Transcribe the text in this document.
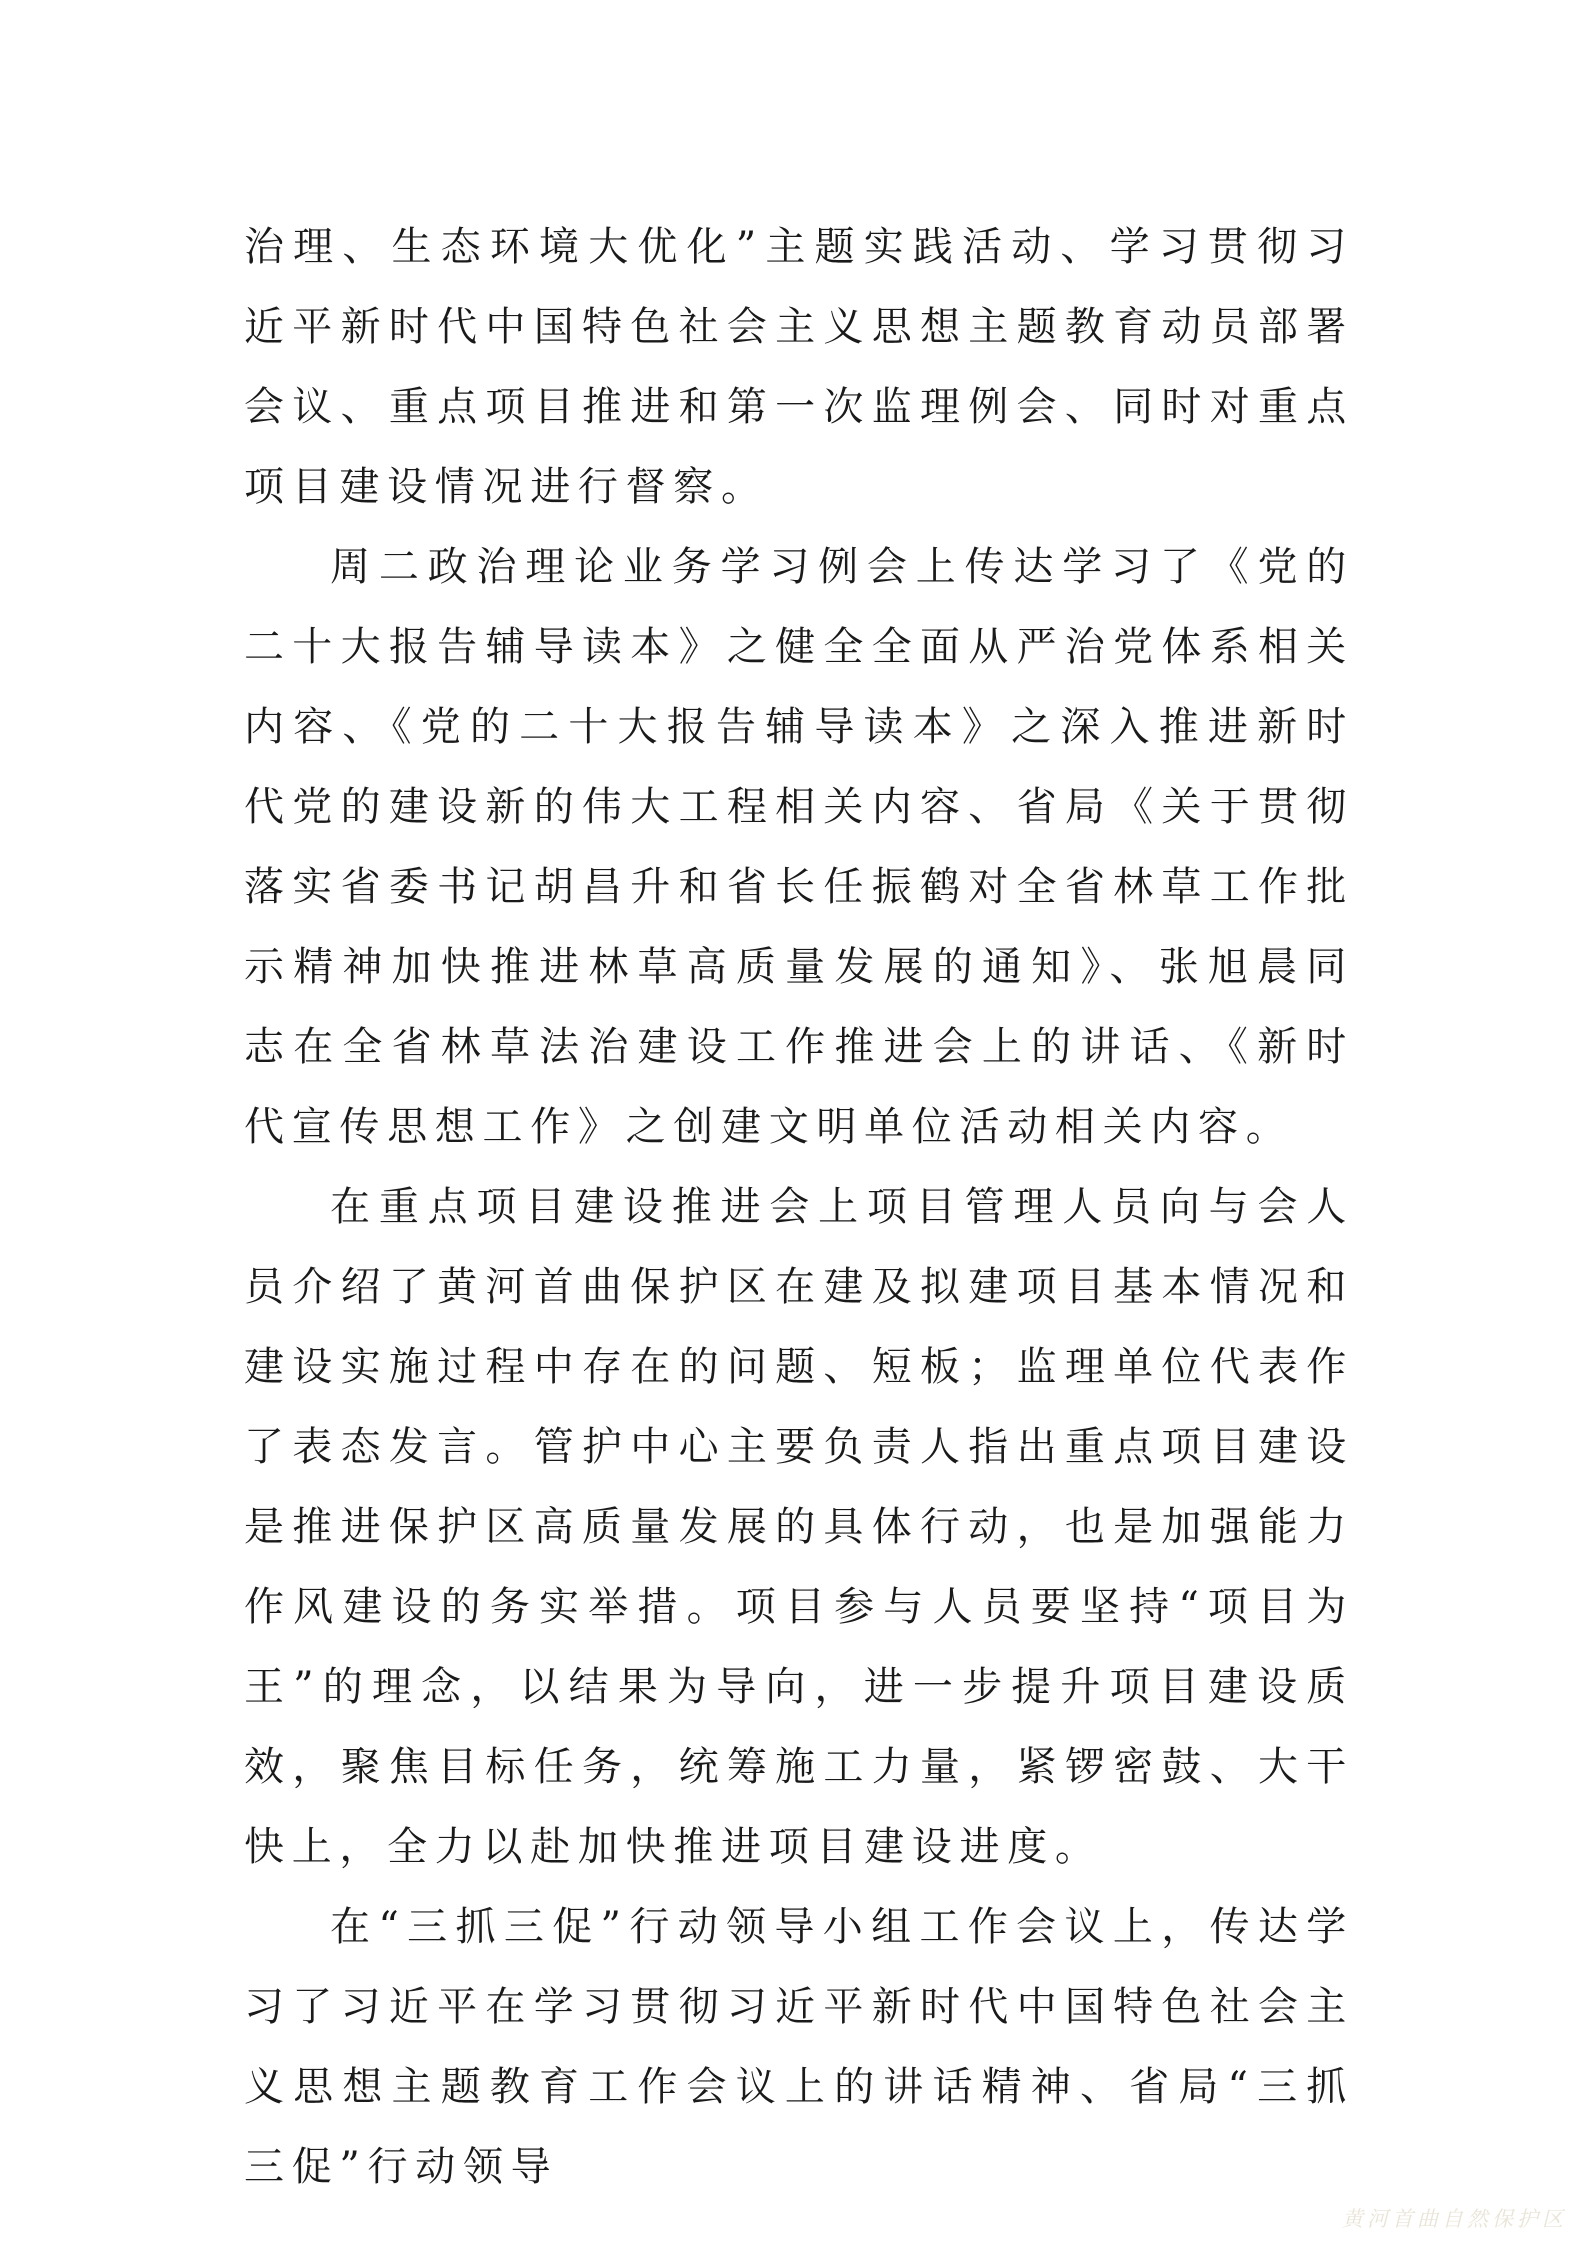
治理、生态环境大优化”主题实践活动、学习贯彻习近平新时代中国特色社会主义思想主题教育动员部署会议、重点项目推进和第一次监理例会、同时对重点项目建设情况进行督察。

周二政治理论业务学习例会上传达学习了《党的二十大报告辅导读本》之健全全面从严治党体系相关内容、《党的二十大报告辅导读本》之深入推进新时代党的建设新的伟大工程相关内容、省局《关于贯彻落实省委书记胡昌升和省长任振鹤对全省林草工作批示精神加快推进林草高质量发展的通知》、张旭晨同志在全省林草法治建设工作推进会上的讲话、《新时代宣传思想工作》之创建文明单位活动相关内容。

在重点项目建设推进会上项目管理人员向与会人员介绍了黄河首曲保护区在建及拟建项目基本情况和建设实施过程中存在的问题、短板；监理单位代表作了表态发言。管护中心主要负责人指出重点项目建设是推进保护区高质量发展的具体行动，也是加强能力作风建设的务实举措。项目参与人员要坚持“项目为王”的理念，以结果为导向，进一步提升项目建设质效，聚焦目标任务，统筹施工力量，紧锣密鼓、大干快上，全力以赴加快推进项目建设进度。

在“三抓三促”行动领导小组工作会议上，传达学习了习近平在学习贯彻习近平新时代中国特色社会主义思想主题教育工作会议上的讲话精神、省局“三抓三促”行动领导

黄河首曲自然保护区
